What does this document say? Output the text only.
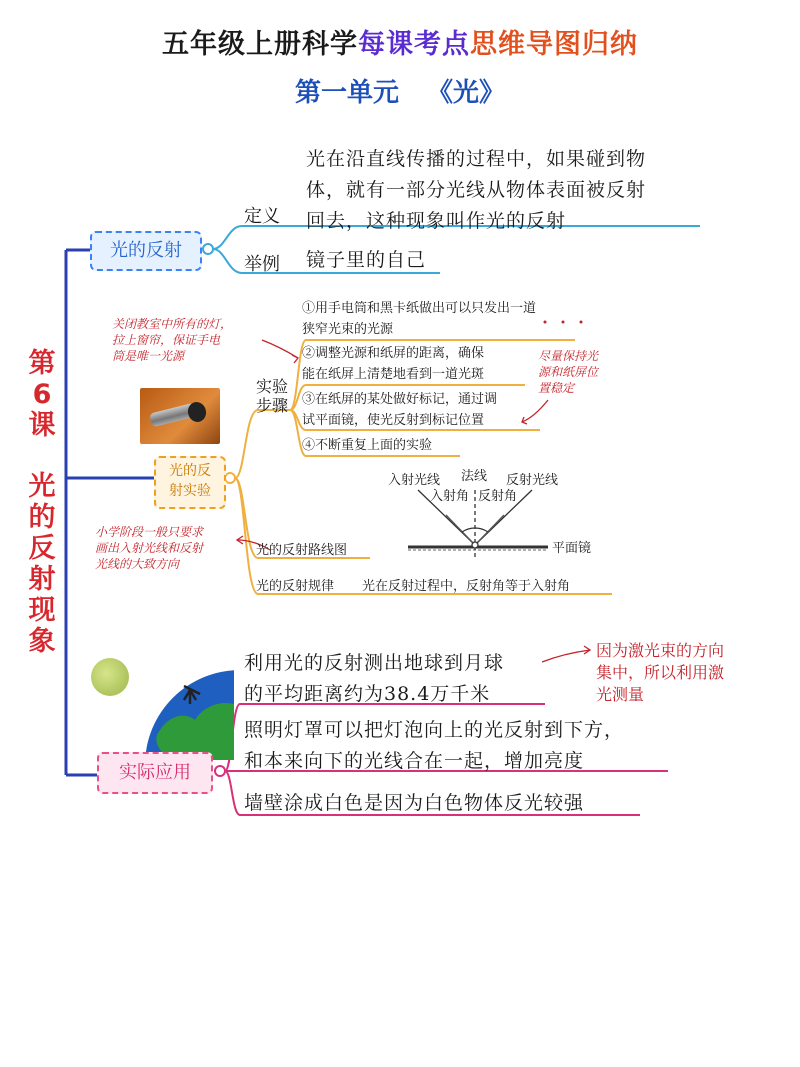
五年级上册科学每课考点思维导图归纳
第一单元 《光》
第
6
课
光
的
反
射
现
象
光的反射
光在沿直线传播的过程中，如果碰到物
体，就有一部分光线从物体表面被反射
回去，这种现象叫作光的反射
定义
举例 镜子里的自己
光的反
射实验
关闭教室中所有的灯，
拉上窗帘，保证手电
筒是唯一光源
实验
步骤
①用手电筒和黑卡纸做出可以只发出一道
狭窄光束的光源
②调整光源和纸屏的距离，确保
能在纸屏上清楚地看到一道光斑
③在纸屏的某处做好标记，通过调
试平面镜，使光反射到标记位置
④不断重复上面的实验
尽量保持光
源和纸屏位
置稳定
入射光线 法线 反射光线
入射角 反射角
平面镜
小学阶段一般只要求
画出入射光线和反射
光线的大致方向
光的反射路线图
光的反射规律 光在反射过程中，反射角等于入射角
实际应用
利用光的反射测出地球到月球
的平均距离约为38.4万千米
因为激光束的方向
集中，所以利用激
光测量
照明灯罩可以把灯泡向上的光反射到下方，
和本来向下的光线合在一起，增加亮度
墙壁涂成白色是因为白色物体反光较强
